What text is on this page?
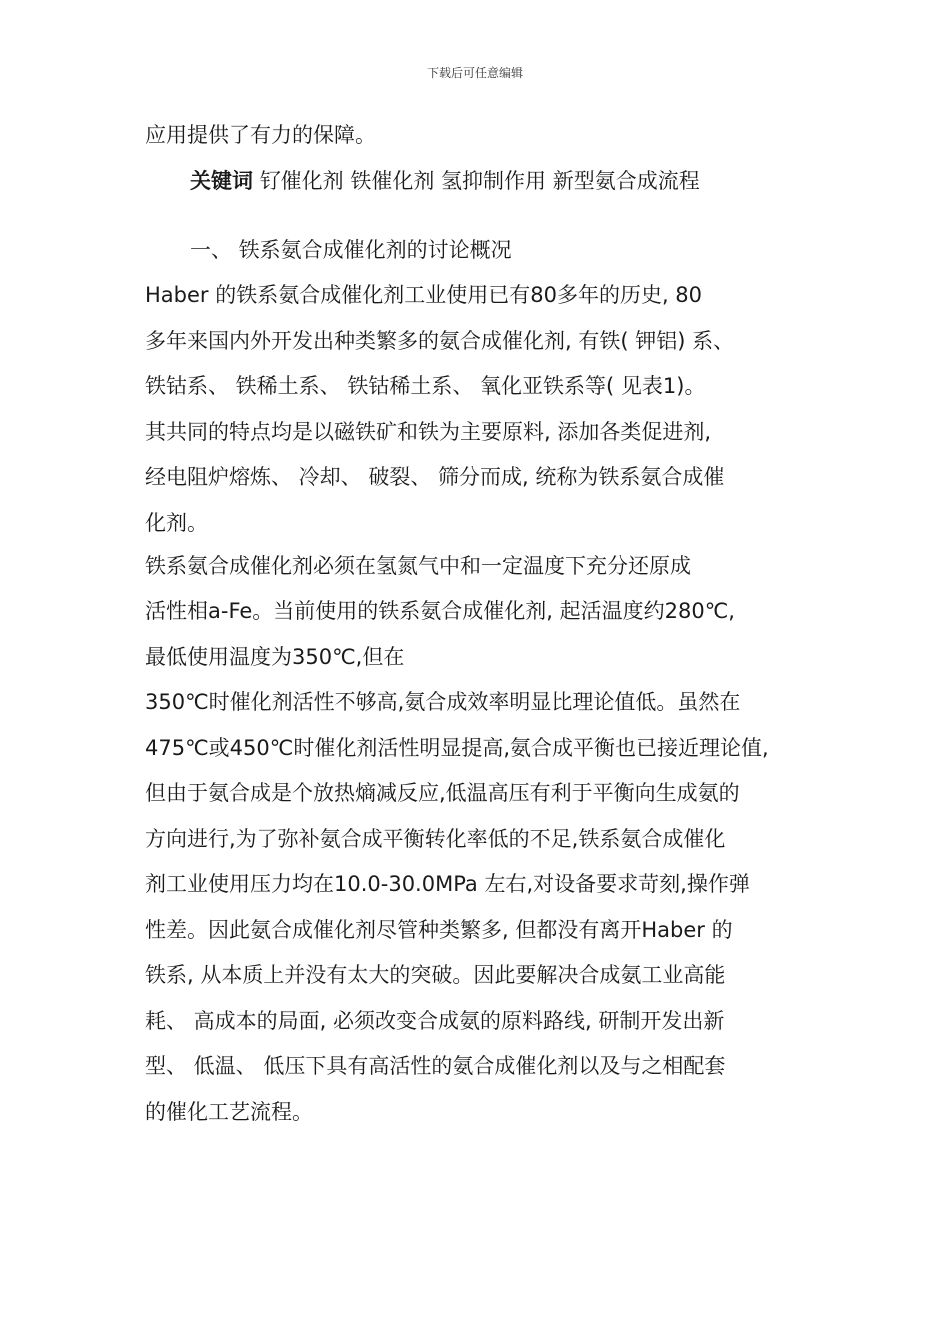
下载后可任意编辑
应用提供了有力的保障。
关键词 钌催化剂 铁催化剂 氢抑制作用 新型氨合成流程
一、 铁系氨合成催化剂的讨论概况
Haber 的铁系氨合成催化剂工业使用已有80多年的历史, 80
多年来国内外开发出种类繁多的氨合成催化剂, 有铁( 钾铝) 系、
铁钴系、 铁稀土系、 铁钴稀土系、 氧化亚铁系等( 见表1)。
其共同的特点均是以磁铁矿和铁为主要原料, 添加各类促进剂,
经电阻炉熔炼、 冷却、 破裂、 筛分而成, 统称为铁系氨合成催
化剂。
铁系氨合成催化剂必须在氢氮气中和一定温度下充分还原成
活性相a-Fe。当前使用的铁系氨合成催化剂, 起活温度约280℃,
最低使用温度为350℃,但在
350℃时催化剂活性不够高,氨合成效率明显比理论值低。虽然在
475℃或450℃时催化剂活性明显提高,氨合成平衡也已接近理论值,
但由于氨合成是个放热熵减反应,低温高压有利于平衡向生成氨的
方向进行,为了弥补氨合成平衡转化率低的不足,铁系氨合成催化
剂工业使用压力均在10.0-30.0MPa 左右,对设备要求苛刻,操作弹
性差。因此氨合成催化剂尽管种类繁多, 但都没有离开Haber 的
铁系, 从本质上并没有太大的突破。因此要解决合成氨工业高能
耗、 高成本的局面, 必须改变合成氨的原料路线, 研制开发出新
型、 低温、 低压下具有高活性的氨合成催化剂以及与之相配套
的催化工艺流程。
